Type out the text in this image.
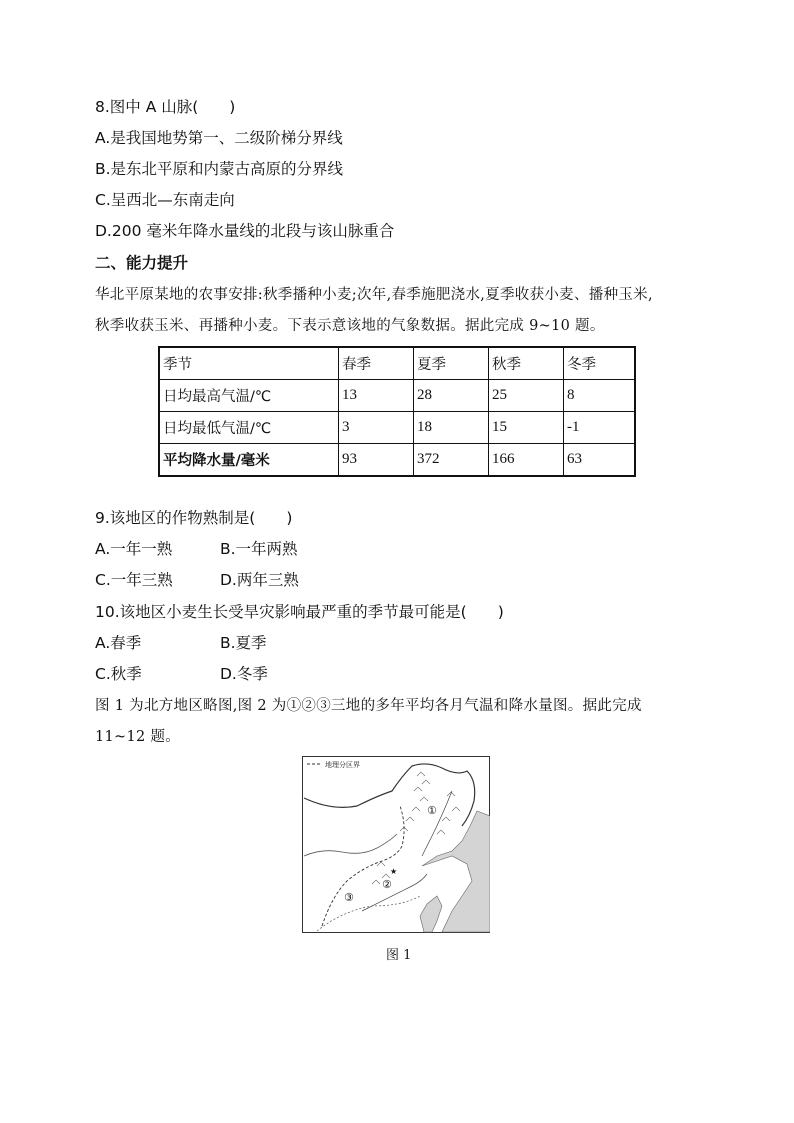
8.图中 A 山脉(　　)
A.是我国地势第一、二级阶梯分界线
B.是东北平原和内蒙古高原的分界线
C.呈西北—东南走向
D.200 毫米年降水量线的北段与该山脉重合
二、能力提升
华北平原某地的农事安排:秋季播种小麦;次年,春季施肥浇水,夏季收获小麦、播种玉米,
秋季收获玉米、再播种小麦。下表示意该地的气象数据。据此完成 9~10 题。
季节	春季	夏季	秋季	冬季
日均最高气温/℃	13	28	25	8
日均最低气温/℃	3	18	15	-1
平均降水量/毫米	93	372	166	63
9.该地区的作物熟制是(　　)
A.一年一熟	B.一年两熟
C.一年三熟	D.两年三熟
10.该地区小麦生长受旱灾影响最严重的季节最可能是(　　)
A.春季	B.夏季
C.秋季	D.冬季
图 1 为北方地区略图,图 2 为①②③三地的多年平均各月气温和降水量图。据此完成
11~12 题。
地理分区界
①
②
③
★
图 1
